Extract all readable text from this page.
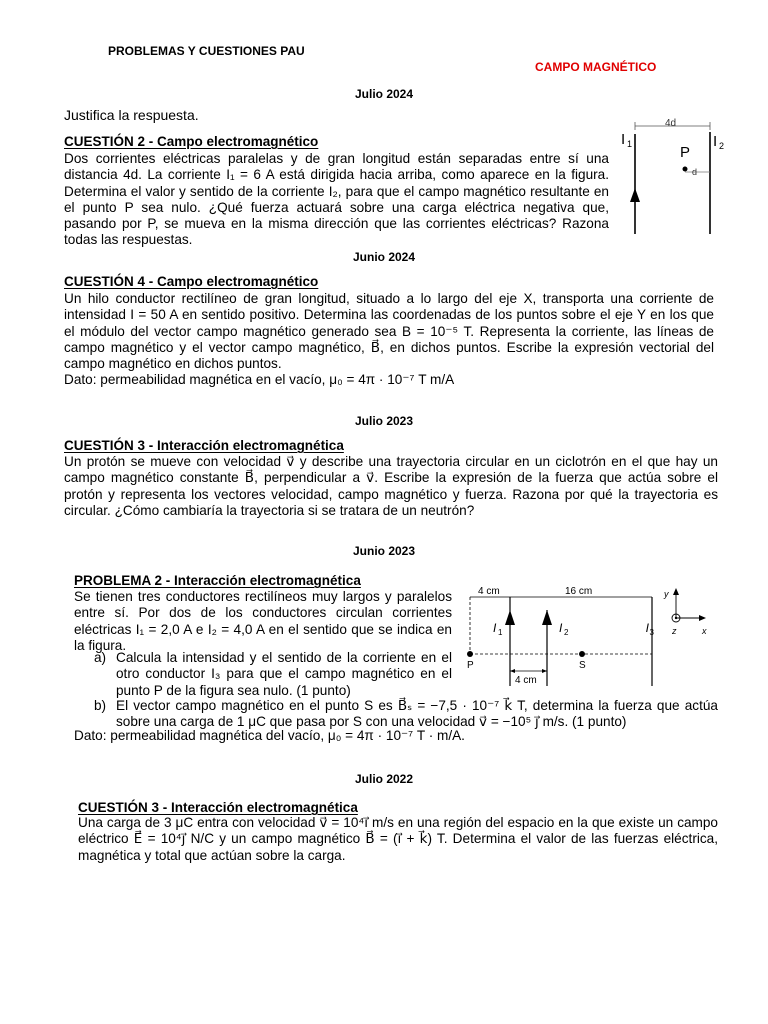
PROBLEMAS Y CUESTIONES PAU
CAMPO MAGNÉTICO
Julio 2024
Justifica la respuesta.
CUESTIÓN 2 - Campo electromagnético
Dos corrientes eléctricas paralelas y de gran longitud están separadas entre sí una distancia 4d. La corriente I₁ = 6 A está dirigida hacia arriba, como aparece en la figura. Determina el valor y sentido de la corriente I₂, para que el campo magnético resultante en el punto P sea nulo. ¿Qué fuerza actuará sobre una carga eléctrica negativa que, pasando por P, se mueva en la misma dirección que las corrientes eléctricas? Razona todas las respuestas.
4d
I 1	I 2
P
d
Junio 2024
CUESTIÓN 4 - Campo electromagnético
Un hilo conductor rectilíneo de gran longitud, situado a lo largo del eje X, transporta una corriente de intensidad I = 50 A en sentido positivo. Determina las coordenadas de los puntos sobre el eje Y en los que el módulo del vector campo magnético generado sea B = 10⁻⁵ T. Representa la corriente, las líneas de campo magnético y el vector campo magnético, B⃗, en dichos puntos. Escribe la expresión vectorial del campo magnético en dichos puntos.
Dato: permeabilidad magnética en el vacío, μ₀ = 4π · 10⁻⁷ T m/A
Julio 2023
CUESTIÓN 3 - Interacción electromagnética
Un protón se mueve con velocidad v⃗ y describe una trayectoria circular en un ciclotrón en el que hay un campo magnético constante B⃗, perpendicular a v⃗. Escribe la expresión de la fuerza que actúa sobre el protón y representa los vectores velocidad, campo magnético y fuerza. Razona por qué la trayectoria es circular. ¿Cómo cambiaría la trayectoria si se tratara de un neutrón?
Junio 2023
PROBLEMA 2 - Interacción electromagnética
Se tienen tres conductores rectilíneos muy largos y paralelos entre sí. Por dos de los conductores circulan corrientes eléctricas I₁ = 2,0 A e I₂ = 4,0 A en el sentido que se indica en la figura.
a) Calcula la intensidad y el sentido de la corriente en el otro conductor I₃ para que el campo magnético en el punto P de la figura sea nulo. (1 punto)
b) El vector campo magnético en el punto S es B⃗ₛ = −7,5 · 10⁻⁷ k⃗ T, determina la fuerza que actúa sobre una carga de 1 μC que pasa por S con una velocidad v⃗ = −10⁵ j⃗ m/s. (1 punto)
Dato: permeabilidad magnética del vacío, μ₀ = 4π · 10⁻⁷ T · m/A.
4 cm	16 cm
I 1	I 2	I 3
P	S
4 cm
y
x
z
Julio 2022
CUESTIÓN 3 - Interacción electromagnética
Una carga de 3 μC entra con velocidad v⃗ = 10⁴ı⃗ m/s en una región del espacio en la que existe un campo eléctrico E⃗ = 10⁴ȷ⃗ N/C y un campo magnético B⃗ = (ı⃗ + k⃗) T. Determina el valor de las fuerzas eléctrica, magnética y total que actúan sobre la carga.
